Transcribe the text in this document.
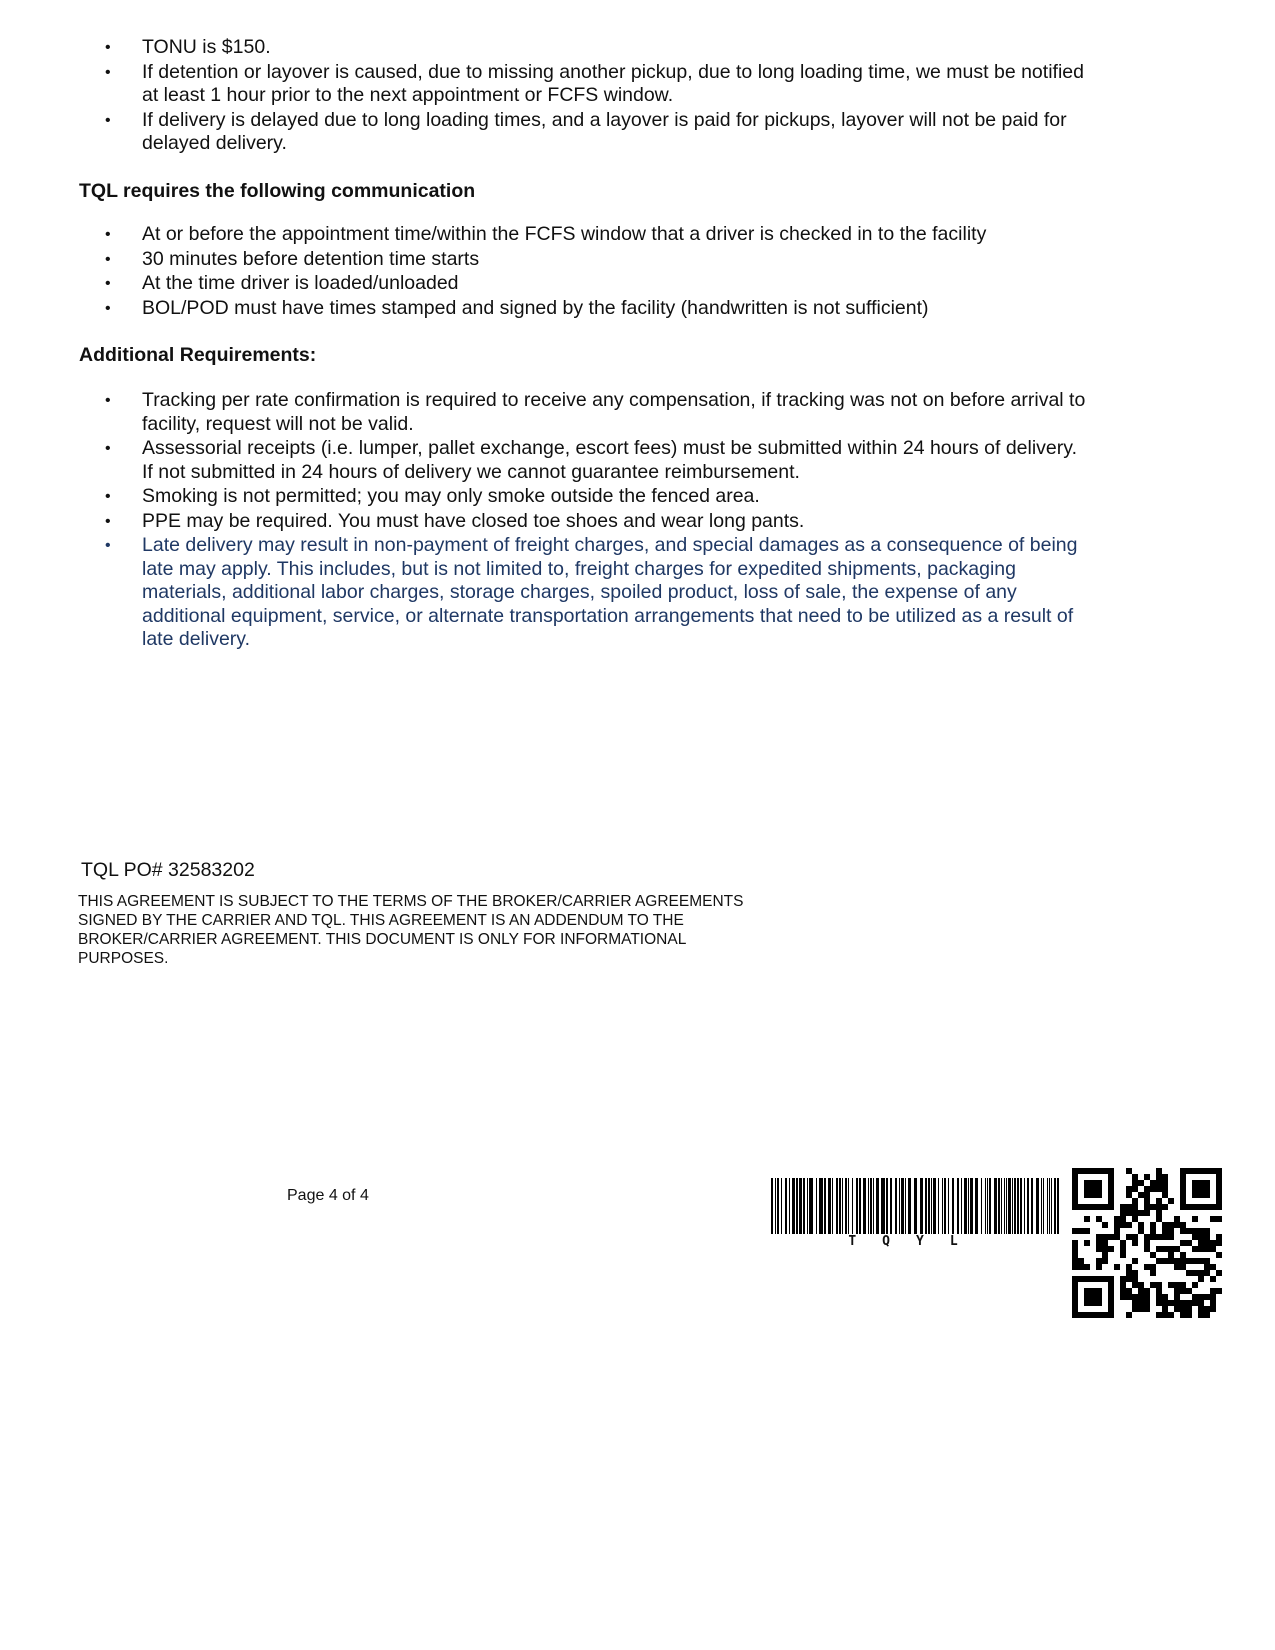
• TONU is $150.
• If detention or layover is caused, due to missing another pickup, due to long loading time, we must be notified at least 1 hour prior to the next appointment or FCFS window.
• If delivery is delayed due to long loading times, and a layover is paid for pickups, layover will not be paid for delayed delivery.
TQL requires the following communication
• At or before the appointment time/within the FCFS window that a driver is checked in to the facility
• 30 minutes before detention time starts
• At the time driver is loaded/unloaded
• BOL/POD must have times stamped and signed by the facility (handwritten is not sufficient)
Additional Requirements:
• Tracking per rate confirmation is required to receive any compensation, if tracking was not on before arrival to facility, request will not be valid.
• Assessorial receipts (i.e. lumper, pallet exchange, escort fees) must be submitted within 24 hours of delivery. If not submitted in 24 hours of delivery we cannot guarantee reimbursement.
• Smoking is not permitted; you may only smoke outside the fenced area.
• PPE may be required. You must have closed toe shoes and wear long pants.
• Late delivery may result in non-payment of freight charges, and special damages as a consequence of being late may apply. This includes, but is not limited to, freight charges for expedited shipments, packaging materials, additional labor charges, storage charges, spoiled product, loss of sale, the expense of any additional equipment, service, or alternate transportation arrangements that need to be utilized as a result of late delivery.
TQL PO# 32583202
THIS AGREEMENT IS SUBJECT TO THE TERMS OF THE BROKER/CARRIER AGREEMENTS SIGNED BY THE CARRIER AND TQL. THIS AGREEMENT IS AN ADDENDUM TO THE BROKER/CARRIER AGREEMENT. THIS DOCUMENT IS ONLY FOR INFORMATIONAL PURPOSES.
Page 4 of 4
TQYL
